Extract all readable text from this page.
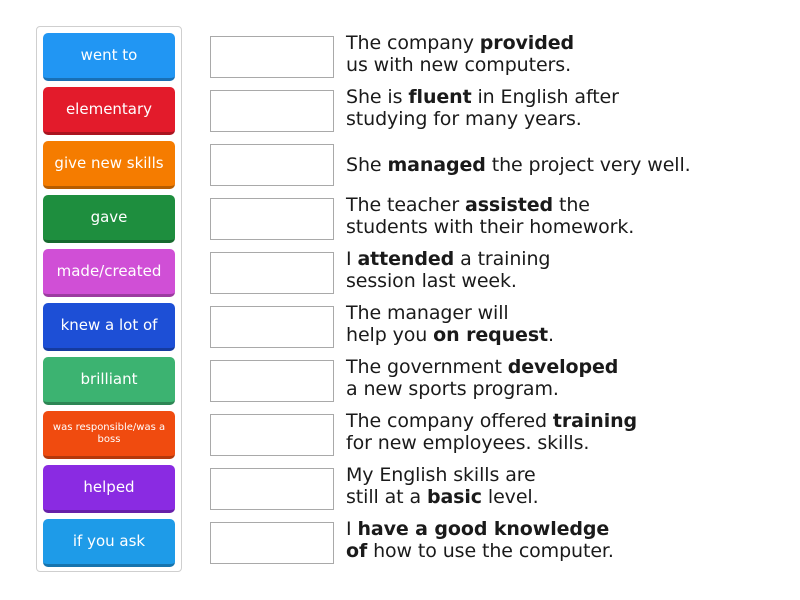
went to
elementary
give new skills
gave
made/created
knew a lot of
brilliant
was responsible/was a boss
helped
if you ask
The company provided
us with new computers.
She is fluent in English after
studying for many years.
She managed the project very well.
The teacher assisted the
students with their homework.
I attended a training
session last week.
The manager will
help you on request.
The government developed
a new sports program.
The company offered training
for new employees. skills.
My English skills are
still at a basic level.
I have a good knowledge
of how to use the computer.
